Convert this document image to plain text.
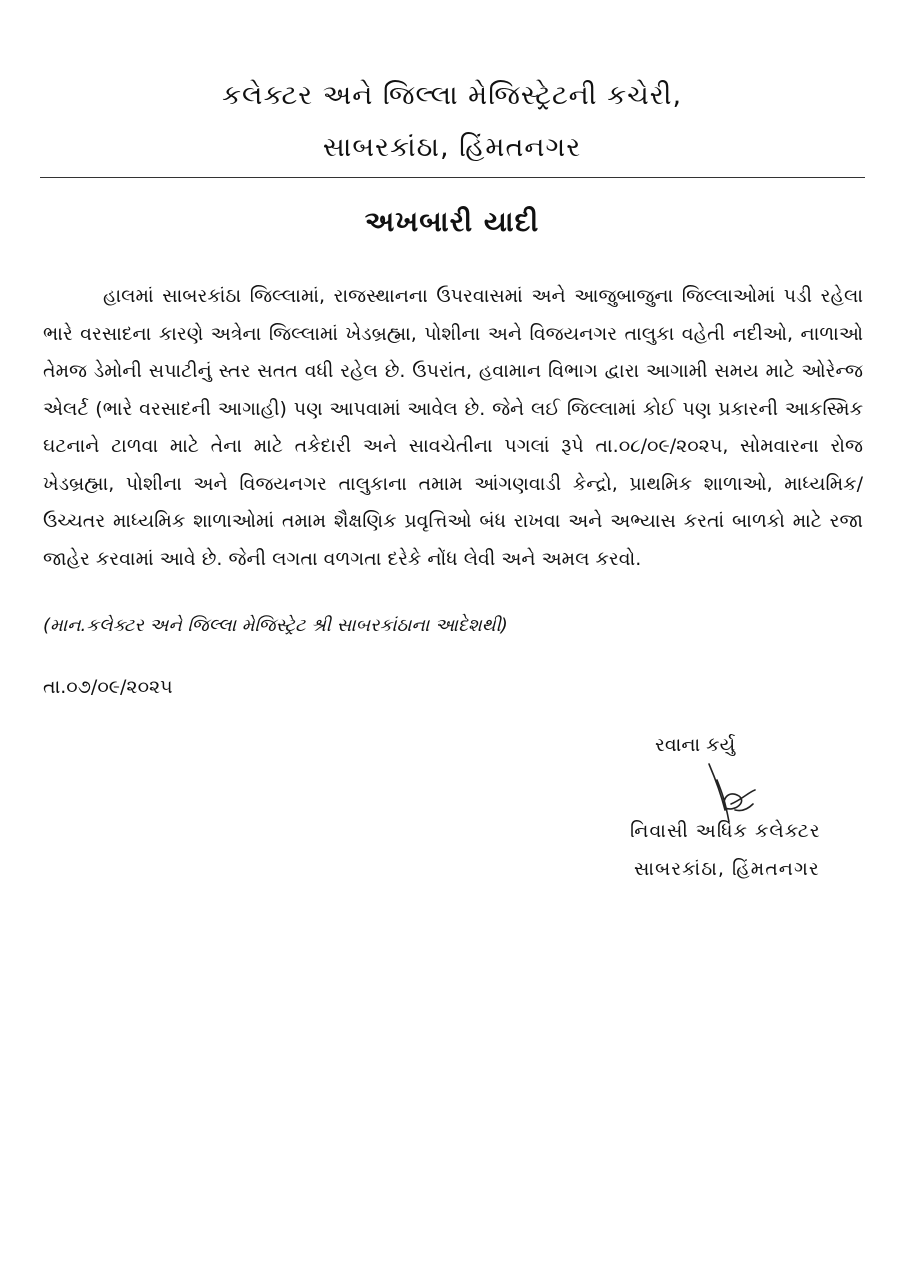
કલેક્ટર અને જિલ્લા મેજિસ્ટ્રેટની કચેરી,
સાબરકાંઠા, હિંમતનગર
અખબારી યાદી
હાલમાં સાબરકાંઠા જિલ્લામાં, રાજસ્થાનના ઉપરવાસમાં અને આજુબાજુના જિલ્લાઓમાં પડી રહેલા ભારે વરસાદના કારણે અત્રેના જિલ્લામાં ખેડબ્રહ્મા, પોશીના અને વિજયનગર તાલુકા વહેતી નદીઓ, નાળાઓ તેમજ ડેમોની સપાટીનું સ્તર સતત વધી રહેલ છે. ઉપરાંત, હવામાન વિભાગ દ્વારા આગામી સમય માટે ઓરેન્જ એલર્ટ (ભારે વરસાદની આગાહી) પણ આપવામાં આવેલ છે. જેને લઈ જિલ્લામાં કોઈ પણ પ્રકારની આકસ્મિક ઘટનાને ટાળવા માટે તેના માટે તકેદારી અને સાવચેતીના પગલાં રૂપે તા.૦૮/૦૯/૨૦૨૫, સોમવારના રોજ ખેડબ્રહ્મા, પોશીના અને વિજયનગર તાલુકાના તમામ આંગણવાડી કેન્દ્રો, પ્રાથમિક શાળાઓ, માધ્યમિક/ ઉચ્ચતર માધ્યમિક શાળાઓમાં તમામ શૈક્ષણિક પ્રવૃત્તિઓ બંધ રાખવા અને અભ્યાસ કરતાં બાળકો માટે રજા જાહેર કરવામાં આવે છે. જેની લગતા વળગતા દરેકે નોંધ લેવી અને અમલ કરવો.
(માન.કલેક્ટર અને જિલ્લા મેજિસ્ટ્રેટ શ્રી સાબરકાંઠાના આદેશથી)
તા.૦૭/૦૯/૨૦૨૫
રવાના કર્યુ
નિવાસી અધિક કલેક્ટર
સાબરકાંઠા, હિંમતનગર
